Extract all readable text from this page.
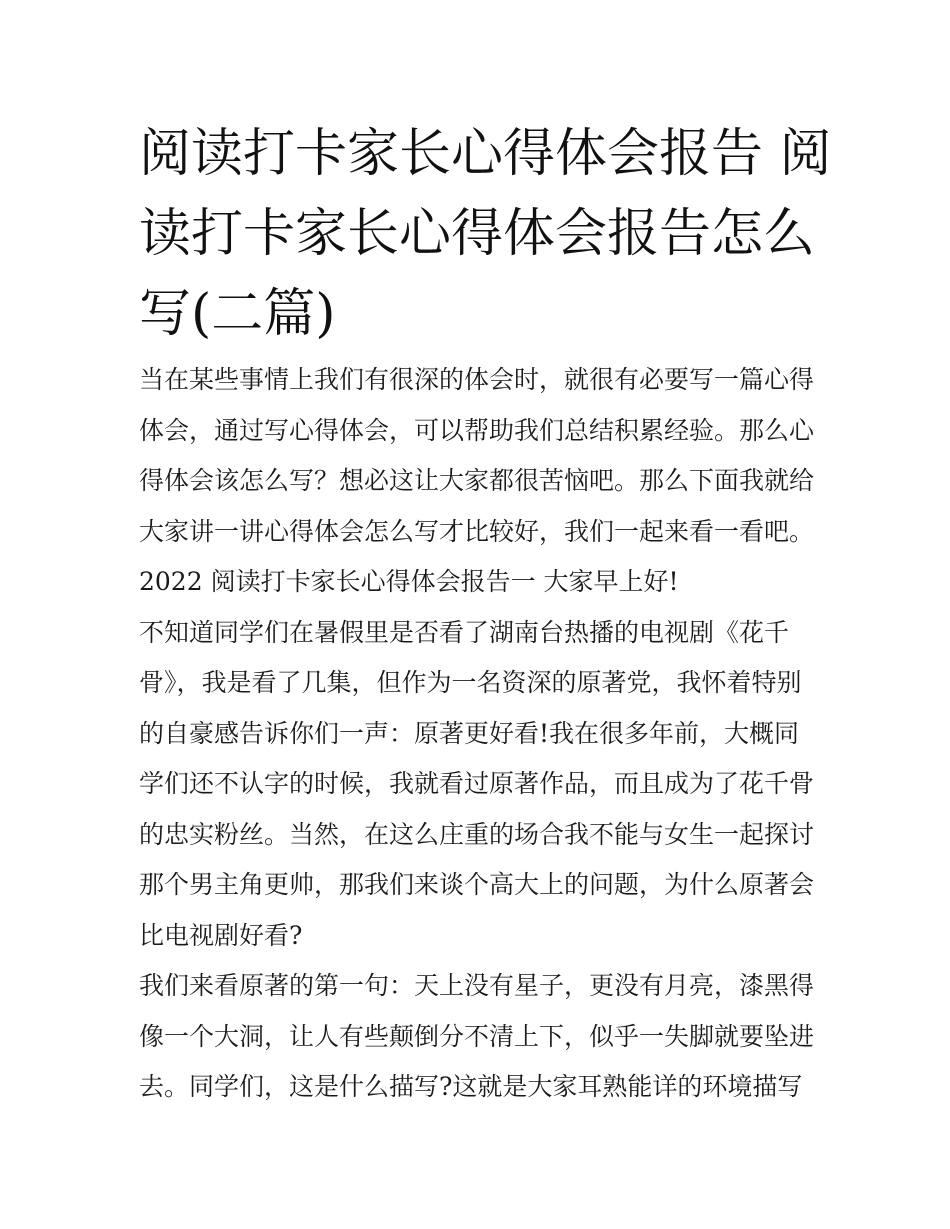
阅读打卡家长心得体会报告 阅
读打卡家长心得体会报告怎么
写(二篇)

当在某些事情上我们有很深的体会时，就很有必要写一篇心得
体会，通过写心得体会，可以帮助我们总结积累经验。那么心
得体会该怎么写？想必这让大家都很苦恼吧。那么下面我就给
大家讲一讲心得体会怎么写才比较好，我们一起来看一看吧。

2022 阅读打卡家长心得体会报告一 大家早上好!

不知道同学们在暑假里是否看了湖南台热播的电视剧《花千
骨》，我是看了几集，但作为一名资深的原著党，我怀着特别
的自豪感告诉你们一声：原著更好看!我在很多年前，大概同
学们还不认字的时候，我就看过原著作品，而且成为了花千骨
的忠实粉丝。当然，在这么庄重的场合我不能与女生一起探讨
那个男主角更帅，那我们来谈个高大上的问题，为什么原著会
比电视剧好看?

我们来看原著的第一句：天上没有星子，更没有月亮，漆黑得
像一个大洞，让人有些颠倒分不清上下，似乎一失脚就要坠进
去。同学们，这是什么描写?这就是大家耳熟能详的环境描写
